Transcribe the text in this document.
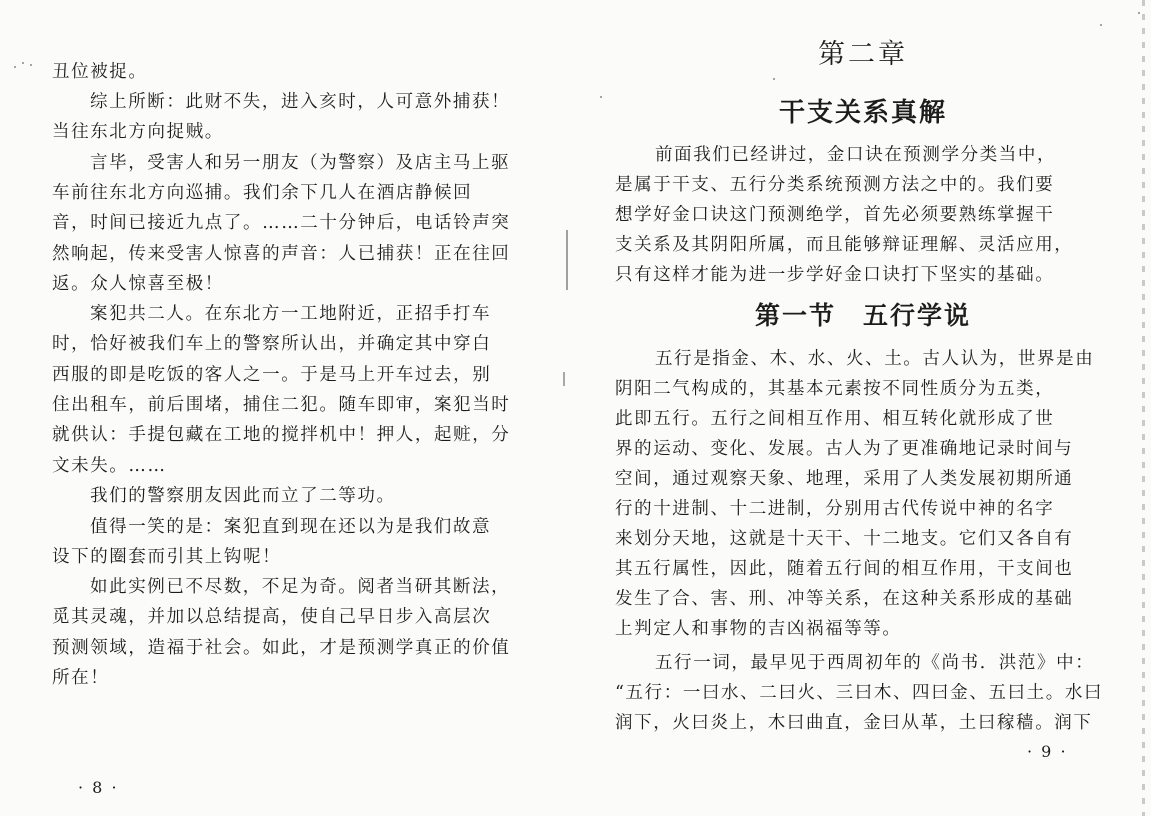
丑位被捉。
综上所断：此财不失，进入亥时，人可意外捕获！
当往东北方向捉贼。
言毕，受害人和另一朋友（为警察）及店主马上驱
车前往东北方向巡捕。我们余下几人在酒店静候回
音，时间已接近九点了。……二十分钟后，电话铃声突
然响起，传来受害人惊喜的声音：人已捕获！正在往回
返。众人惊喜至极！
案犯共二人。在东北方一工地附近，正招手打车
时，恰好被我们车上的警察所认出，并确定其中穿白
西服的即是吃饭的客人之一。于是马上开车过去，别
住出租车，前后围堵，捕住二犯。随车即审，案犯当时
就供认：手提包藏在工地的搅拌机中！押人，起赃，分
文未失。……
我们的警察朋友因此而立了二等功。
值得一笑的是：案犯直到现在还以为是我们故意
设下的圈套而引其上钩呢！
如此实例已不尽数，不足为奇。阅者当研其断法，
觅其灵魂，并加以总结提高，使自己早日步入高层次
预测领域，造福于社会。如此，才是预测学真正的价值
所在！
· 8 ·
第二章
干支关系真解
前面我们已经讲过，金口诀在预测学分类当中，
是属于干支、五行分类系统预测方法之中的。我们要
想学好金口诀这门预测绝学，首先必须要熟练掌握干
支关系及其阴阳所属，而且能够辩证理解、灵活应用，
只有这样才能为进一步学好金口诀打下坚实的基础。
第一节　五行学说
五行是指金、木、水、火、土。古人认为，世界是由
阴阳二气构成的，其基本元素按不同性质分为五类，
此即五行。五行之间相互作用、相互转化就形成了世
界的运动、变化、发展。古人为了更准确地记录时间与
空间，通过观察天象、地理，采用了人类发展初期所通
行的十进制、十二进制，分别用古代传说中神的名字
来划分天地，这就是十天干、十二地支。它们又各自有
其五行属性，因此，随着五行间的相互作用，干支间也
发生了合、害、刑、冲等关系，在这种关系形成的基础
上判定人和事物的吉凶祸福等等。
五行一词，最早见于西周初年的《尚书．洪范》中：
“五行：一曰水、二曰火、三曰木、四曰金、五曰土。水曰
润下，火曰炎上，木曰曲直，金曰从革，土曰稼穑。润下
· 9 ·
